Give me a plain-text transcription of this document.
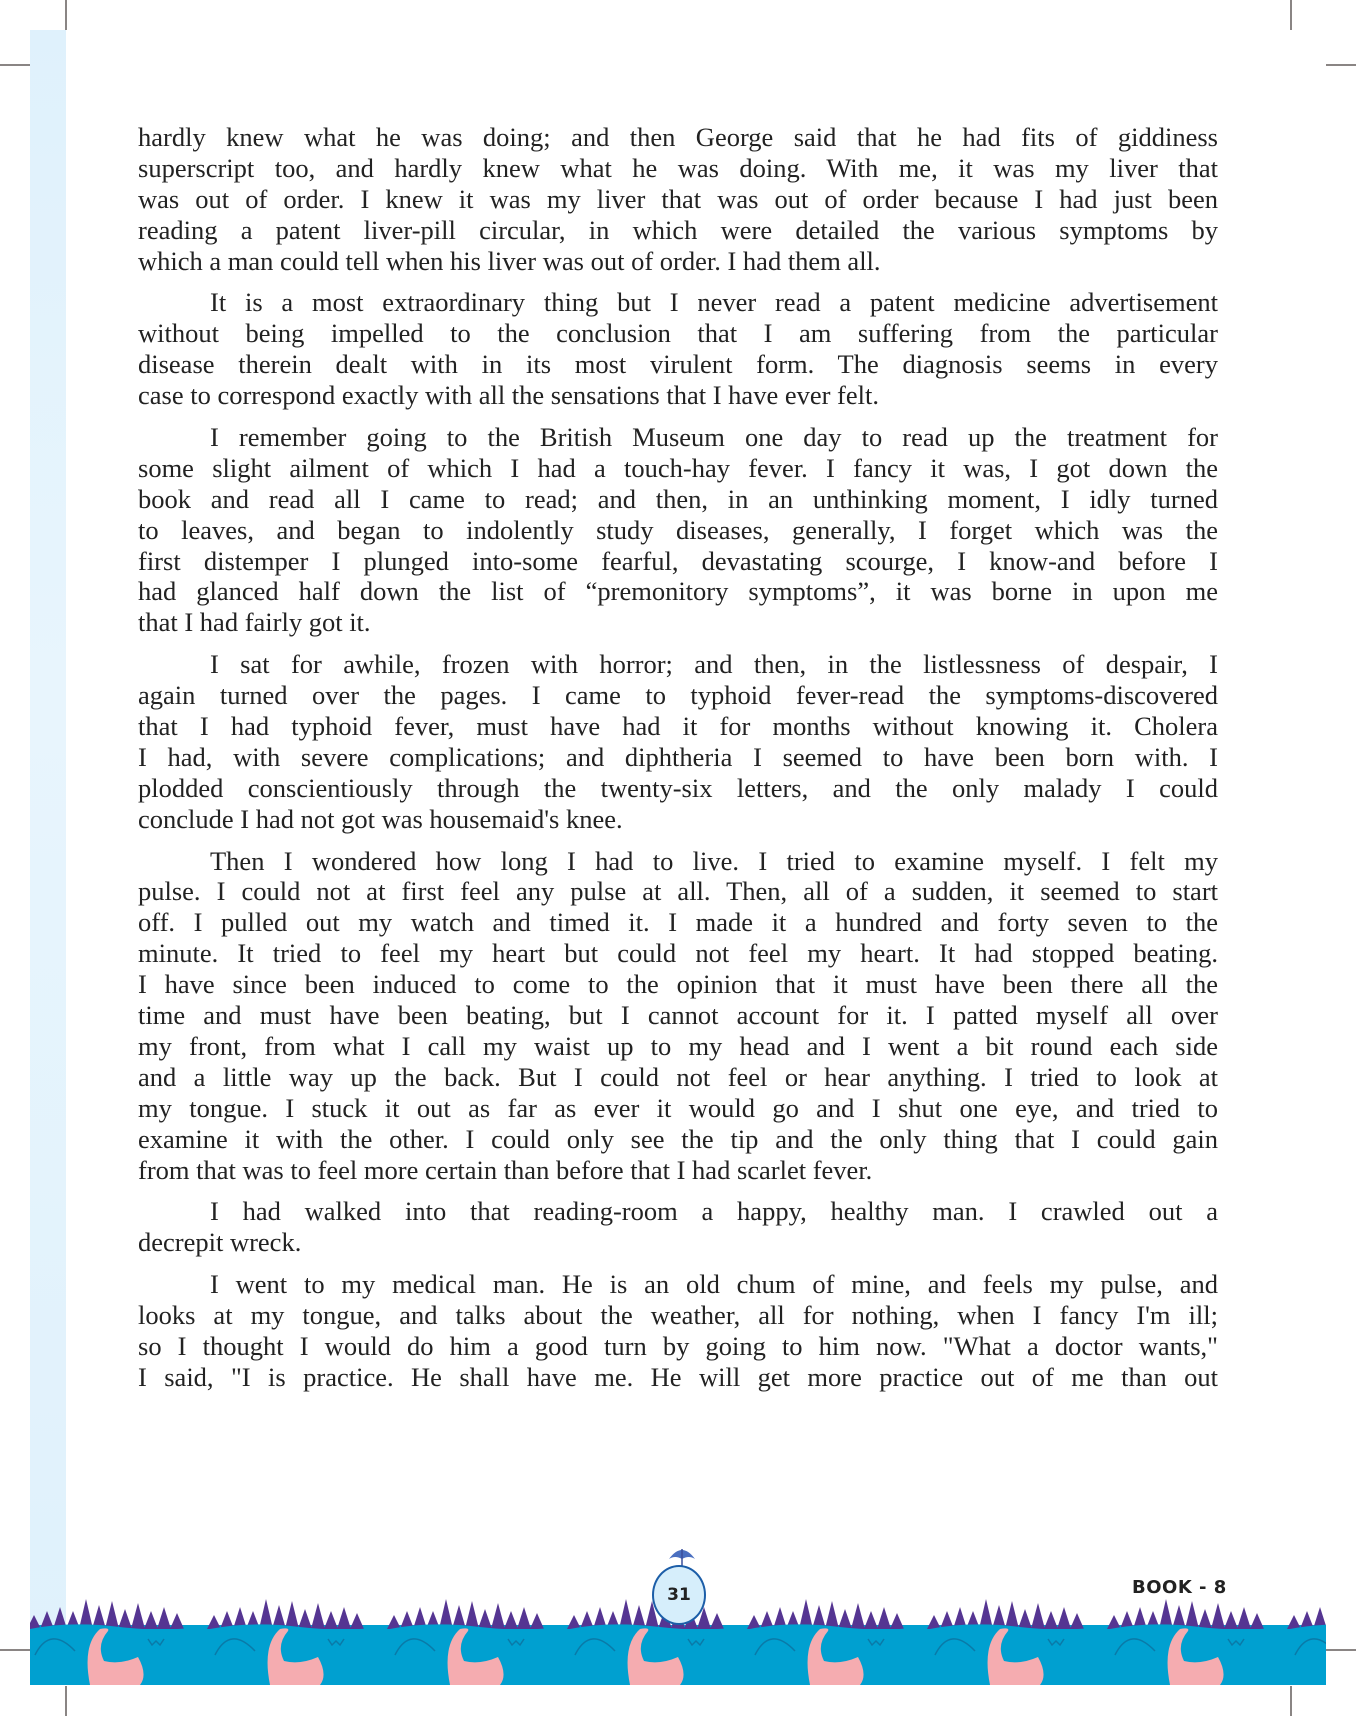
hardly knew what he was doing; and then George said that he had fits of giddiness
superscript too, and hardly knew what he was doing. With me, it was my liver that
was out of order. I knew it was my liver that was out of order because I had just been
reading a patent liver-pill circular, in which were detailed the various symptoms by
which a man could tell when his liver was out of order. I had them all.
It is a most extraordinary thing but I never read a patent medicine advertisement
without being impelled to the conclusion that I am suffering from the particular
disease therein dealt with in its most virulent form. The diagnosis seems in every
case to correspond exactly with all the sensations that I have ever felt.
I remember going to the British Museum one day to read up the treatment for
some slight ailment of which I had a touch-hay fever. I fancy it was, I got down the
book and read all I came to read; and then, in an unthinking moment, I idly turned
to leaves, and began to indolently study diseases, generally, I forget which was the
first distemper I plunged into-some fearful, devastating scourge, I know-and before I
had glanced half down the list of “premonitory symptoms”, it was borne in upon me
that I had fairly got it.
I sat for awhile, frozen with horror; and then, in the listlessness of despair, I
again turned over the pages. I came to typhoid fever-read the symptoms-discovered
that I had typhoid fever, must have had it for months without knowing it. Cholera
I had, with severe complications; and diphtheria I seemed to have been born with. I
plodded conscientiously through the twenty-six letters, and the only malady I could
conclude I had not got was housemaid's knee.
Then I wondered how long I had to live. I tried to examine myself. I felt my
pulse. I could not at first feel any pulse at all. Then, all of a sudden, it seemed to start
off. I pulled out my watch and timed it. I made it a hundred and forty seven to the
minute. It tried to feel my heart but could not feel my heart. It had stopped beating.
I have since been induced to come to the opinion that it must have been there all the
time and must have been beating, but I cannot account for it. I patted myself all over
my front, from what I call my waist up to my head and I went a bit round each side
and a little way up the back. But I could not feel or hear anything. I tried to look at
my tongue. I stuck it out as far as ever it would go and I shut one eye, and tried to
examine it with the other. I could only see the tip and the only thing that I could gain
from that was to feel more certain than before that I had scarlet fever.
I had walked into that reading-room a happy, healthy man. I crawled out a
decrepit wreck.
I went to my medical man. He is an old chum of mine, and feels my pulse, and
looks at my tongue, and talks about the weather, all for nothing, when I fancy I'm ill;
so I thought I would do him a good turn by going to him now. "What a doctor wants,"
I said, "I is practice. He shall have me. He will get more practice out of me than out
31	BOOK - 8
